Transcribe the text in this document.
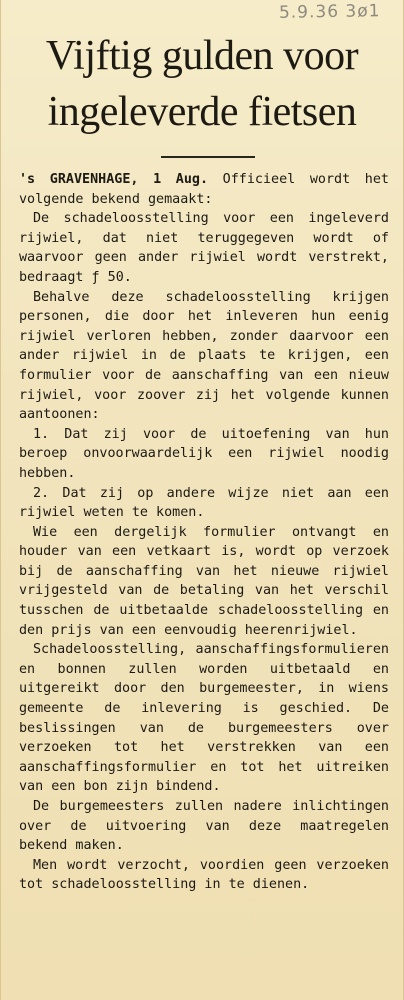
5.9.36 3ø1
Vijftig gulden voor
ingeleverde fietsen

's GRAVENHAGE, 1 Aug. Officieel wordt het volgende bekend gemaakt:

De schadeloosstelling voor een ingeleverd rijwiel, dat niet teruggegeven wordt of waarvoor geen ander rijwiel wordt verstrekt, bedraagt ƒ 50.

Behalve deze schadeloosstelling krijgen personen, die door het inleveren hun eenig rijwiel verloren hebben, zonder daarvoor een ander rijwiel in de plaats te krijgen, een formulier voor de aanschaffing van een nieuw rijwiel, voor zoover zij het volgende kunnen aantoonen:

1. Dat zij voor de uitoefening van hun beroep onvoorwaardelijk een rijwiel noodig hebben.

2. Dat zij op andere wijze niet aan een rijwiel weten te komen.

Wie een dergelijk formulier ontvangt en houder van een vetkaart is, wordt op verzoek bij de aanschaffing van het nieuwe rijwiel vrijgesteld van de betaling van het verschil tusschen de uitbetaalde schadeloosstelling en den prijs van een eenvoudig heerenrijwiel.

Schadeloosstelling, aanschaffingsformulieren en bonnen zullen worden uitbetaald en uitgereikt door den burgemeester, in wiens gemeente de inlevering is geschied. De beslissingen van de burgemeesters over verzoeken tot het verstrekken van een aanschaffingsformulier en tot het uitreiken van een bon zijn bindend.

De burgemeesters zullen nadere inlichtingen over de uitvoering van deze maatregelen bekend maken.

Men wordt verzocht, voordien geen verzoeken tot schadeloosstelling in te dienen.
